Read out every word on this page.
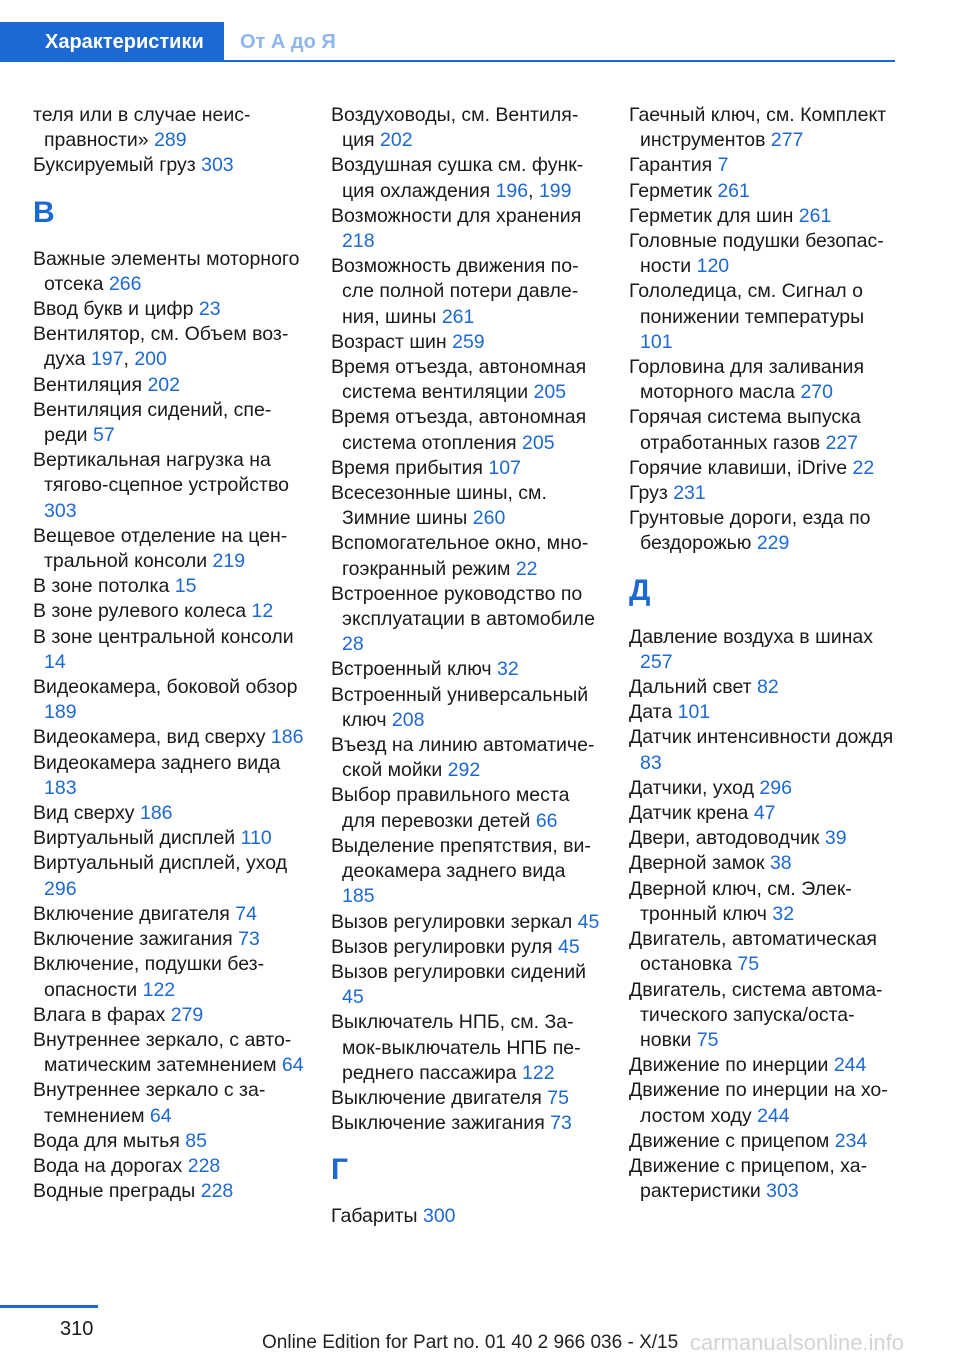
Характеристики	От А до Я
теля или в случае неисправности» 289
Буксируемый груз 303
В
Важные элементы моторного отсека 266
Ввод букв и цифр 23
Вентилятор, см. Объем воздуха 197, 200
Вентиляция 202
Вентиляция сидений, спереди 57
Вертикальная нагрузка на тягово-сцепное устройство 303
Вещевое отделение на центральной консоли 219
В зоне потолка 15
В зоне рулевого колеса 12
В зоне центральной консоли 14
Видеокамера, боковой обзор 189
Видеокамера, вид сверху 186
Видеокамера заднего вида 183
Вид сверху 186
Виртуальный дисплей 110
Виртуальный дисплей, уход 296
Включение двигателя 74
Включение зажигания 73
Включение, подушки безопасности 122
Влага в фарах 279
Внутреннее зеркало, с автоматическим затемнением 64
Внутреннее зеркало с затемнением 64
Вода для мытья 85
Вода на дорогах 228
Водные преграды 228
Воздуховоды, см. Вентиляция 202
Воздушная сушка см. функция охлаждения 196, 199
Возможности для хранения 218
Возможность движения после полной потери давления, шины 261
Возраст шин 259
Время отъезда, автономная система вентиляции 205
Время отъезда, автономная система отопления 205
Время прибытия 107
Всесезонные шины, см. Зимние шины 260
Вспомогательное окно, многоэкранный режим 22
Встроенное руководство по эксплуатации в автомобиле 28
Встроенный ключ 32
Встроенный универсальный ключ 208
Въезд на линию автоматической мойки 292
Выбор правильного места для перевозки детей 66
Выделение препятствия, видеокамера заднего вида 185
Вызов регулировки зеркал 45
Вызов регулировки руля 45
Вызов регулировки сидений 45
Выключатель НПБ, см. Замок-выключатель НПБ переднего пассажира 122
Выключение двигателя 75
Выключение зажигания 73
Г
Габариты 300
Гаечный ключ, см. Комплект инструментов 277
Гарантия 7
Герметик 261
Герметик для шин 261
Головные подушки безопасности 120
Гололедица, см. Сигнал о понижении температуры 101
Горловина для заливания моторного масла 270
Горячая система выпуска отработанных газов 227
Горячие клавиши, iDrive 22
Груз 231
Грунтовые дороги, езда по бездорожью 229
Д
Давление воздуха в шинах 257
Дальний свет 82
Дата 101
Датчик интенсивности дождя 83
Датчики, уход 296
Датчик крена 47
Двери, автодоводчик 39
Дверной замок 38
Дверной ключ, см. Электронный ключ 32
Двигатель, автоматическая остановка 75
Двигатель, система автоматического запуска/остановки 75
Движение по инерции 244
Движение по инерции на холостом ходу 244
Движение с прицепом 234
Движение с прицепом, характеристики 303
310
Online Edition for Part no. 01 40 2 966 036 - X/15 carmanualsonline.info
